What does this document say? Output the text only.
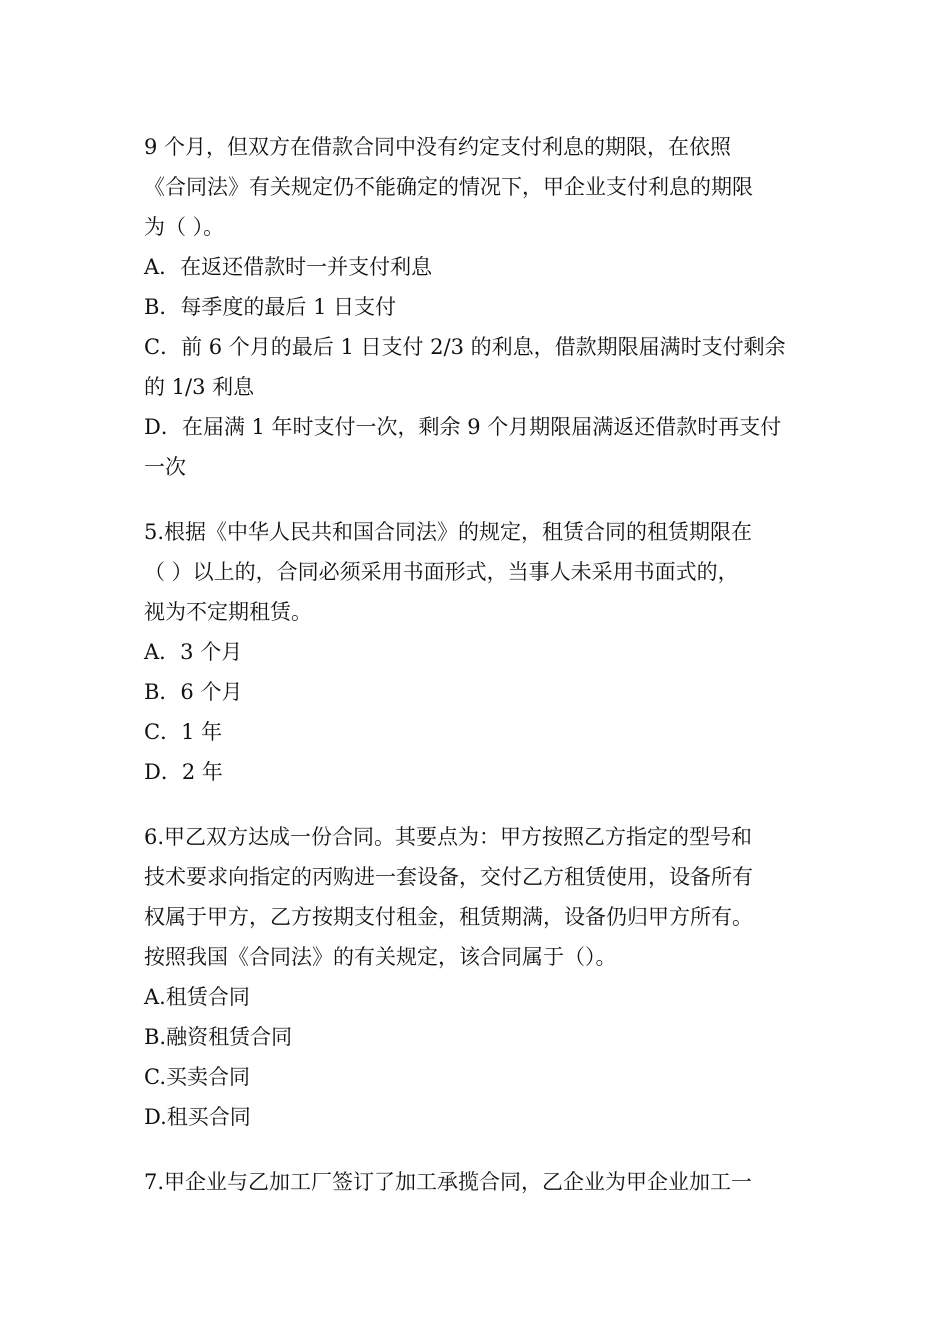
9 个月，但双方在借款合同中没有约定支付利息的期限，在依照
《合同法》有关规定仍不能确定的情况下，甲企业支付利息的期限
为（ ）。
A．在返还借款时一并支付利息
B．每季度的最后 1 日支付
C．前 6 个月的最后 1 日支付 2/3 的利息，借款期限届满时支付剩余
的 1/3 利息
D．在届满 1 年时支付一次，剩余 9 个月期限届满返还借款时再支付
一次
5.根据《中华人民共和国合同法》的规定，租赁合同的租赁期限在
（ ）以上的，合同必须采用书面形式，当事人未采用书面式的，
视为不定期租赁。
A．3 个月
B．6 个月
C．1 年
D．2 年
6.甲乙双方达成一份合同。其要点为：甲方按照乙方指定的型号和
技术要求向指定的丙购进一套设备，交付乙方租赁使用，设备所有
权属于甲方，乙方按期支付租金，租赁期满，设备仍归甲方所有。
按照我国《合同法》的有关规定，该合同属于（）。
A.租赁合同
B.融资租赁合同
C.买卖合同
D.租买合同
7.甲企业与乙加工厂签订了加工承揽合同，乙企业为甲企业加工一
